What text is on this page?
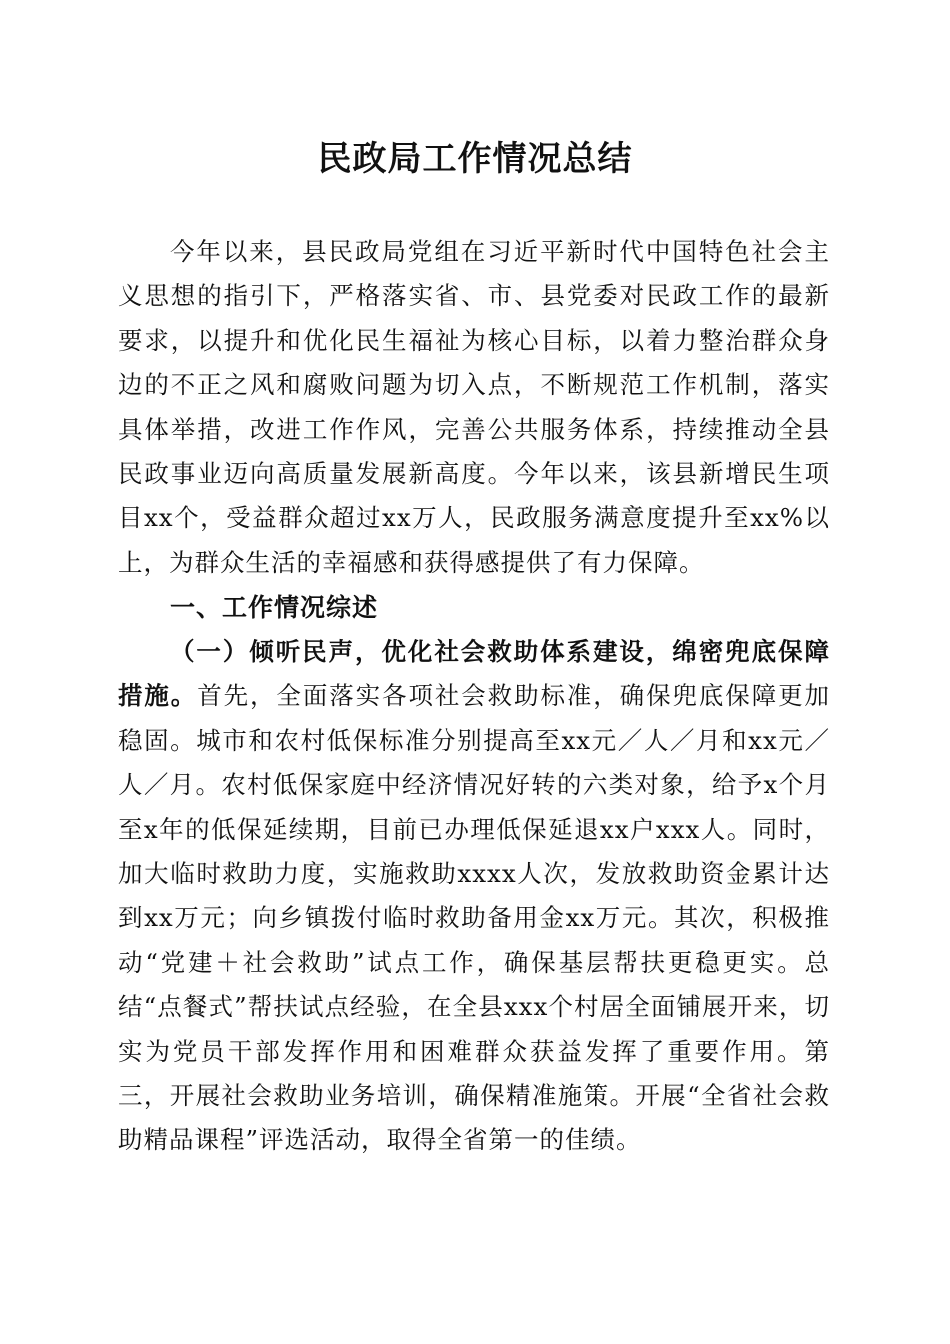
民政局工作情况总结

今年以来，县民政局党组在习近平新时代中国特色社会主义思想的指引下，严格落实省、市、县党委对民政工作的最新要求，以提升和优化民生福祉为核心目标，以着力整治群众身边的不正之风和腐败问题为切入点，不断规范工作机制，落实具体举措，改进工作作风，完善公共服务体系，持续推动全县民政事业迈向高质量发展新高度。今年以来，该县新增民生项目xx个，受益群众超过xx万人，民政服务满意度提升至xx%以上，为群众生活的幸福感和获得感提供了有力保障。

一、工作情况综述

（一）倾听民声，优化社会救助体系建设，绵密兜底保障措施。首先，全面落实各项社会救助标准，确保兜底保障更加稳固。城市和农村低保标准分别提高至xx元／人／月和xx元／人／月。农村低保家庭中经济情况好转的六类对象，给予x个月至x年的低保延续期，目前已办理低保延退xx户xxx人。同时，加大临时救助力度，实施救助xxxx人次，发放救助资金累计达到xx万元；向乡镇拨付临时救助备用金xx万元。其次，积极推动“党建＋社会救助”试点工作，确保基层帮扶更稳更实。总结“点餐式”帮扶试点经验，在全县xxx个村居全面铺展开来，切实为党员干部发挥作用和困难群众获益发挥了重要作用。第三，开展社会救助业务培训，确保精准施策。开展“全省社会救助精品课程”评选活动，取得全省第一的佳绩。
